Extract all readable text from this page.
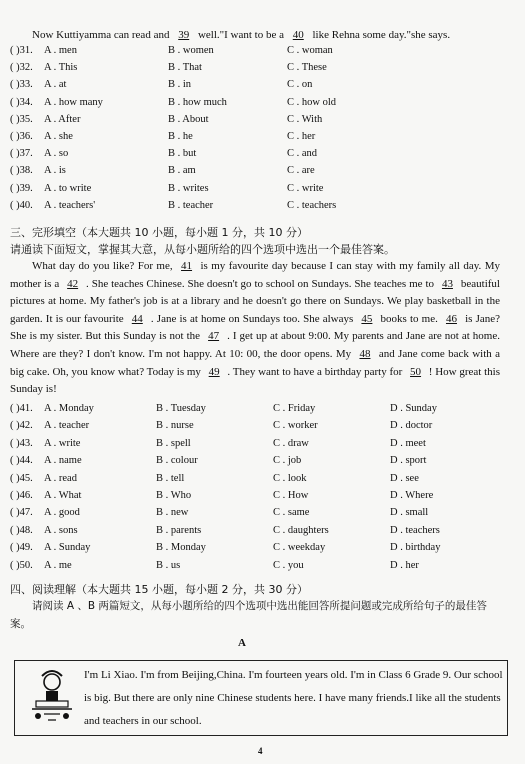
Now Kuttiyamma can read and 39 well."I want to be a 40 like Rehna some day."she says.
( )31. A . men	B . women	C . woman
( )32. A . This	B . That	C . These
( )33. A . at	B . in	C . on
( )34. A . how many	B . how much	C . how old
( )35. A . After	B . About	C . With
( )36. A . she	B . he	C . her
( )37. A . so	B . but	C . and
( )38. A . is	B . am	C . are
( )39. A . to write	B . writes	C . write
( )40. A . teachers'	B . teacher	C . teachers
三、完形填空（本大题共 10 小题，每小题 1 分，共 10 分）
请通读下面短文，掌握其大意，从每小题所给的四个选项中选出一个最佳答案。
What day do you like? For me, 41 is my favourite day because I can stay with my family all day. My mother is a 42 . She teaches Chinese. She doesn't go to school on Sundays. She teaches me to 43 beautiful pictures at home. My father's job is at a library and he doesn't go there on Sundays. We play basketball in the garden. It is our favourite 44 . Jane is at home on Sundays too. She always 45 books to me. 46 is Jane? She is my sister. But this Sunday is not the 47 . I get up at about 9:00. My parents and Jane are not at home. Where are they? I don't know. I'm not happy. At 10: 00, the door opens. My 48 and Jane come back with a big cake. Oh, you know what? Today is my 49 . They want to have a birthday party for 50 ! How great this Sunday is!
( )41. A . Monday	B . Tuesday	C . Friday	D . Sunday
( )42. A . teacher	B . nurse	C . worker	D . doctor
( )43. A . write	B . spell	C . draw	D . meet
( )44. A . name	B . colour	C . job	D . sport
( )45. A . read	B . tell	C . look	D . see
( )46. A . What	B . Who	C . How	D . Where
( )47. A . good	B . new	C . same	D . small
( )48. A . sons	B . parents	C . daughters	D . teachers
( )49. A . Sunday	B . Monday	C . weekday	D . birthday
( )50. A . me	B . us	C . you	D . her
四、阅读理解（本大题共 15 小题，每小题 2 分，共 30 分）
请阅读 A 、B 两篇短文，从每小题所给的四个选项中选出能回答所提问题或完成所给句子的最佳答案。
A
I'm Li Xiao. I'm from Beijing,China. I'm fourteen years old. I'm in Class 6 Grade 9. Our school is big. But there are only nine Chinese students here. I have many friends.I like all the students and teachers in our school.
4
